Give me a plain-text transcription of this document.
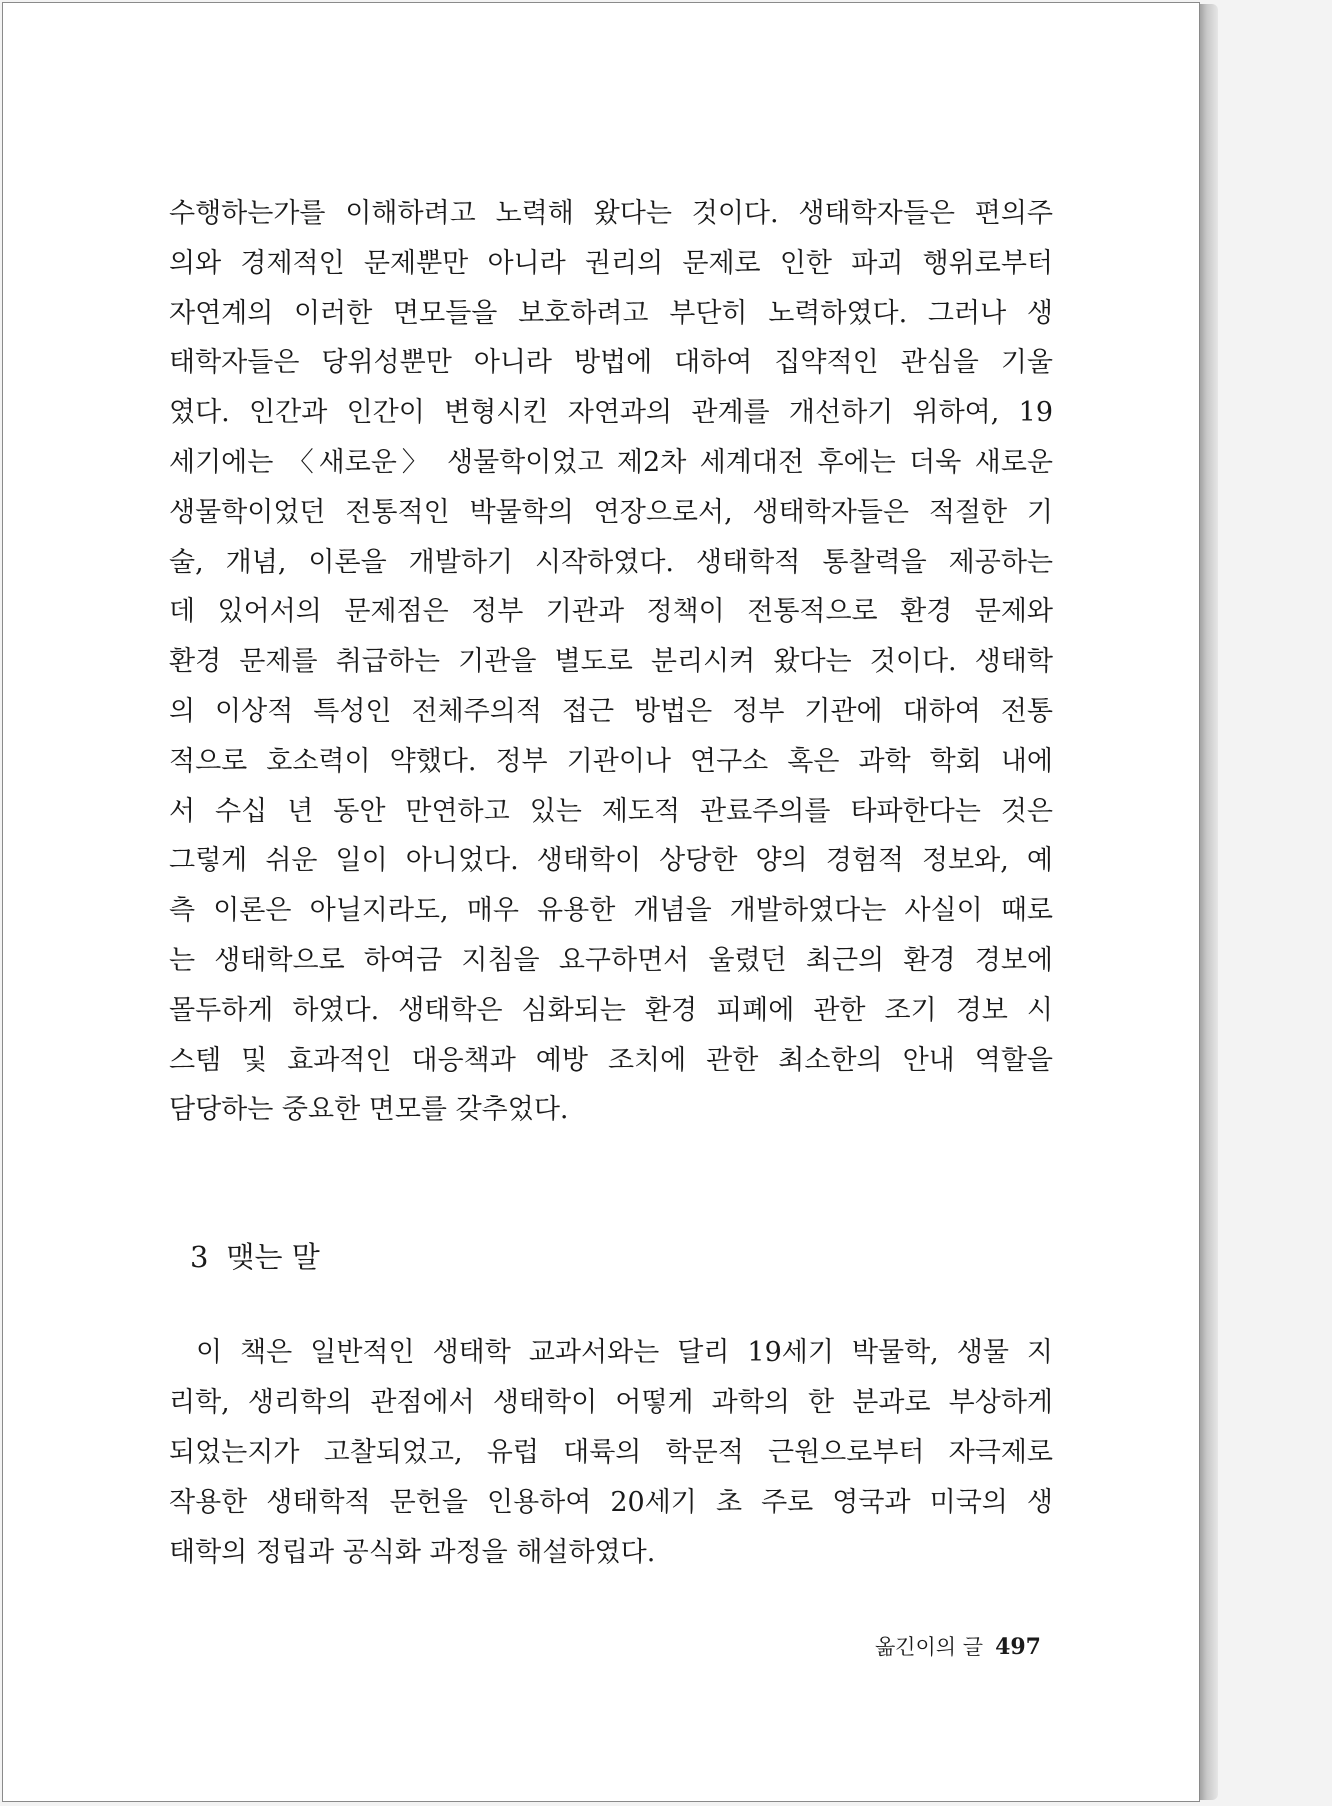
수행하는가를 이해하려고 노력해 왔다는 것이다. 생태학자들은 편의주
의와 경제적인 문제뿐만 아니라 권리의 문제로 인한 파괴 행위로부터
자연계의 이러한 면모들을 보호하려고 부단히 노력하였다. 그러나 생
태학자들은 당위성뿐만 아니라 방법에 대하여 집약적인 관심을 기울
였다. 인간과 인간이 변형시킨 자연과의 관계를 개선하기 위하여, 19
세기에는 〈새로운〉 생물학이었고 제2차 세계대전 후에는 더욱 새로운
생물학이었던 전통적인 박물학의 연장으로서, 생태학자들은 적절한 기
술, 개념, 이론을 개발하기 시작하였다. 생태학적 통찰력을 제공하는
데 있어서의 문제점은 정부 기관과 정책이 전통적으로 환경 문제와
환경 문제를 취급하는 기관을 별도로 분리시켜 왔다는 것이다. 생태학
의 이상적 특성인 전체주의적 접근 방법은 정부 기관에 대하여 전통
적으로 호소력이 약했다. 정부 기관이나 연구소 혹은 과학 학회 내에
서 수십 년 동안 만연하고 있는 제도적 관료주의를 타파한다는 것은
그렇게 쉬운 일이 아니었다. 생태학이 상당한 양의 경험적 정보와, 예
측 이론은 아닐지라도, 매우 유용한 개념을 개발하였다는 사실이 때로
는 생태학으로 하여금 지침을 요구하면서 울렸던 최근의 환경 경보에
몰두하게 하였다. 생태학은 심화되는 환경 피폐에 관한 조기 경보 시
스템 및 효과적인 대응책과 예방 조치에 관한 최소한의 안내 역할을
담당하는 중요한 면모를 갖추었다.
3 맺는 말
이 책은 일반적인 생태학 교과서와는 달리 19세기 박물학, 생물 지
리학, 생리학의 관점에서 생태학이 어떻게 과학의 한 분과로 부상하게
되었는지가 고찰되었고, 유럽 대륙의 학문적 근원으로부터 자극제로
작용한 생태학적 문헌을 인용하여 20세기 초 주로 영국과 미국의 생
태학의 정립과 공식화 과정을 해설하였다.
옮긴이의 글 497
